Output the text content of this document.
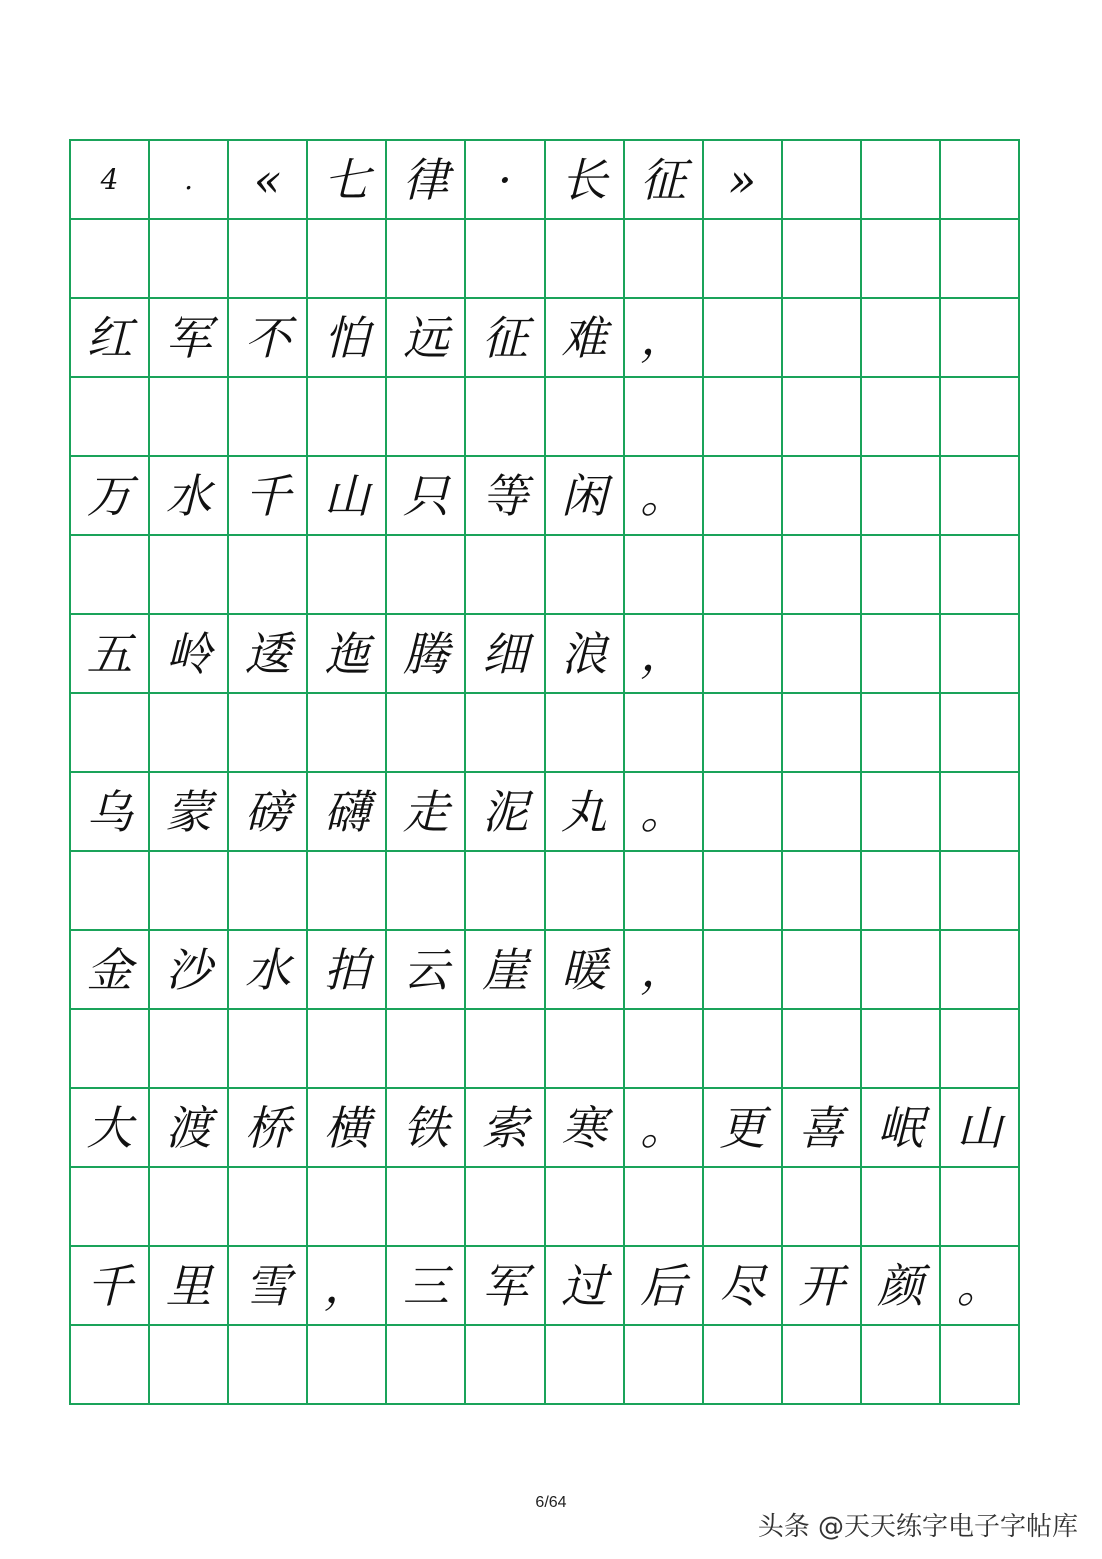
4	.	« 七 律	·	长 征 »
红 军 不 怕 远 征 难 ，
万 水 千 山 只 等 闲 。
五 岭 逶 迤 腾 细 浪 ，
乌 蒙 磅 礴 走 泥 丸 。
金 沙 水 拍 云 崖 暖 ，
大 渡 桥 横 铁 索 寒 。 更 喜 岷 山
千 里 雪 ， 三 军 过 后 尽 开 颜 。
6/64
头条 @天天练字电子字帖库
